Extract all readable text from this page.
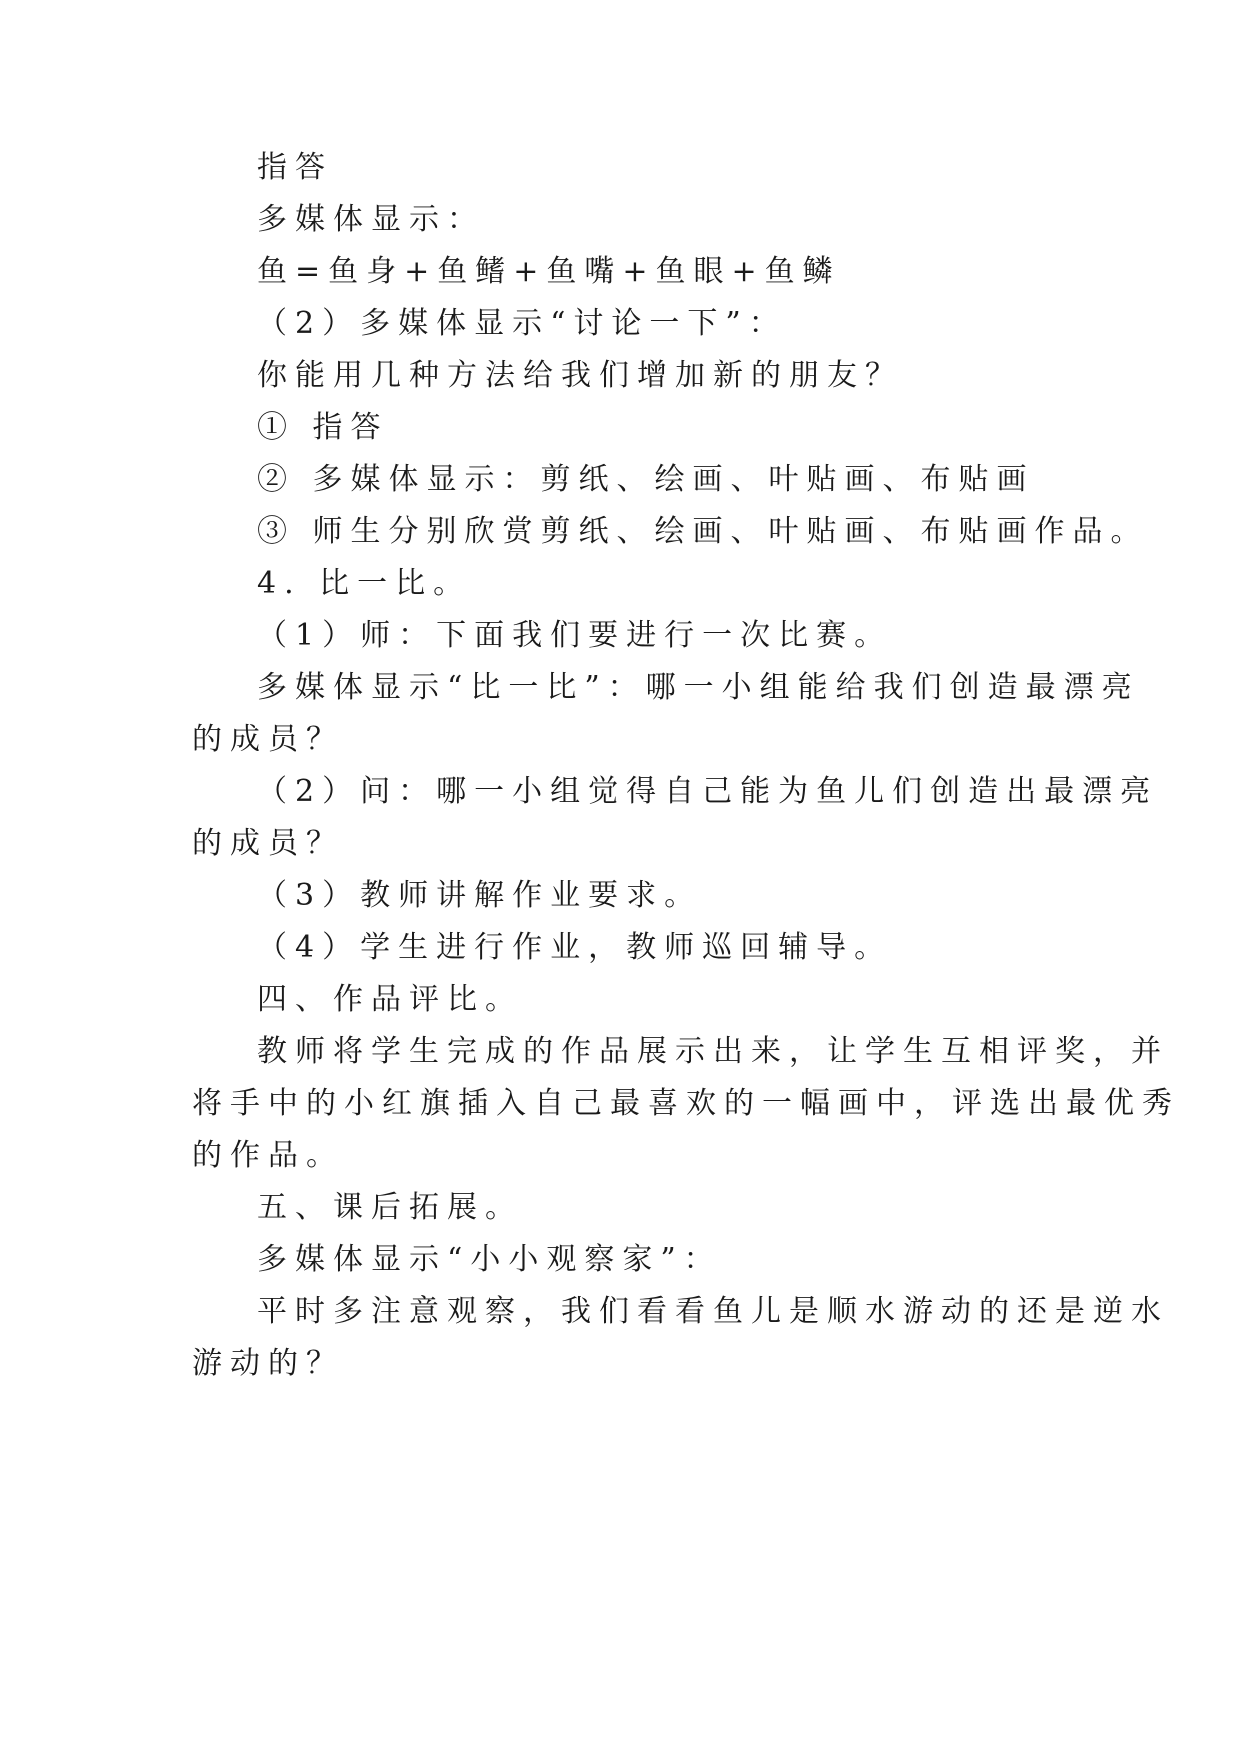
指答
多媒体显示：
鱼=鱼身+鱼鳍+鱼嘴+鱼眼+鱼鳞
（2）多媒体显示“讨论一下”：
你能用几种方法给我们增加新的朋友？
① 指答
② 多媒体显示：剪纸、绘画、叶贴画、布贴画
③ 师生分别欣赏剪纸、绘画、叶贴画、布贴画作品。
4. 比一比。
（1）师：下面我们要进行一次比赛。
多媒体显示“比一比”：哪一小组能给我们创造最漂亮
的成员？
（2）问：哪一小组觉得自己能为鱼儿们创造出最漂亮
的成员？
（3）教师讲解作业要求。
（4）学生进行作业，教师巡回辅导。
四、作品评比。
教师将学生完成的作品展示出来，让学生互相评奖，并
将手中的小红旗插入自己最喜欢的一幅画中，评选出最优秀
的作品。
五、课后拓展。
多媒体显示“小小观察家”：
平时多注意观察，我们看看鱼儿是顺水游动的还是逆水
游动的？
